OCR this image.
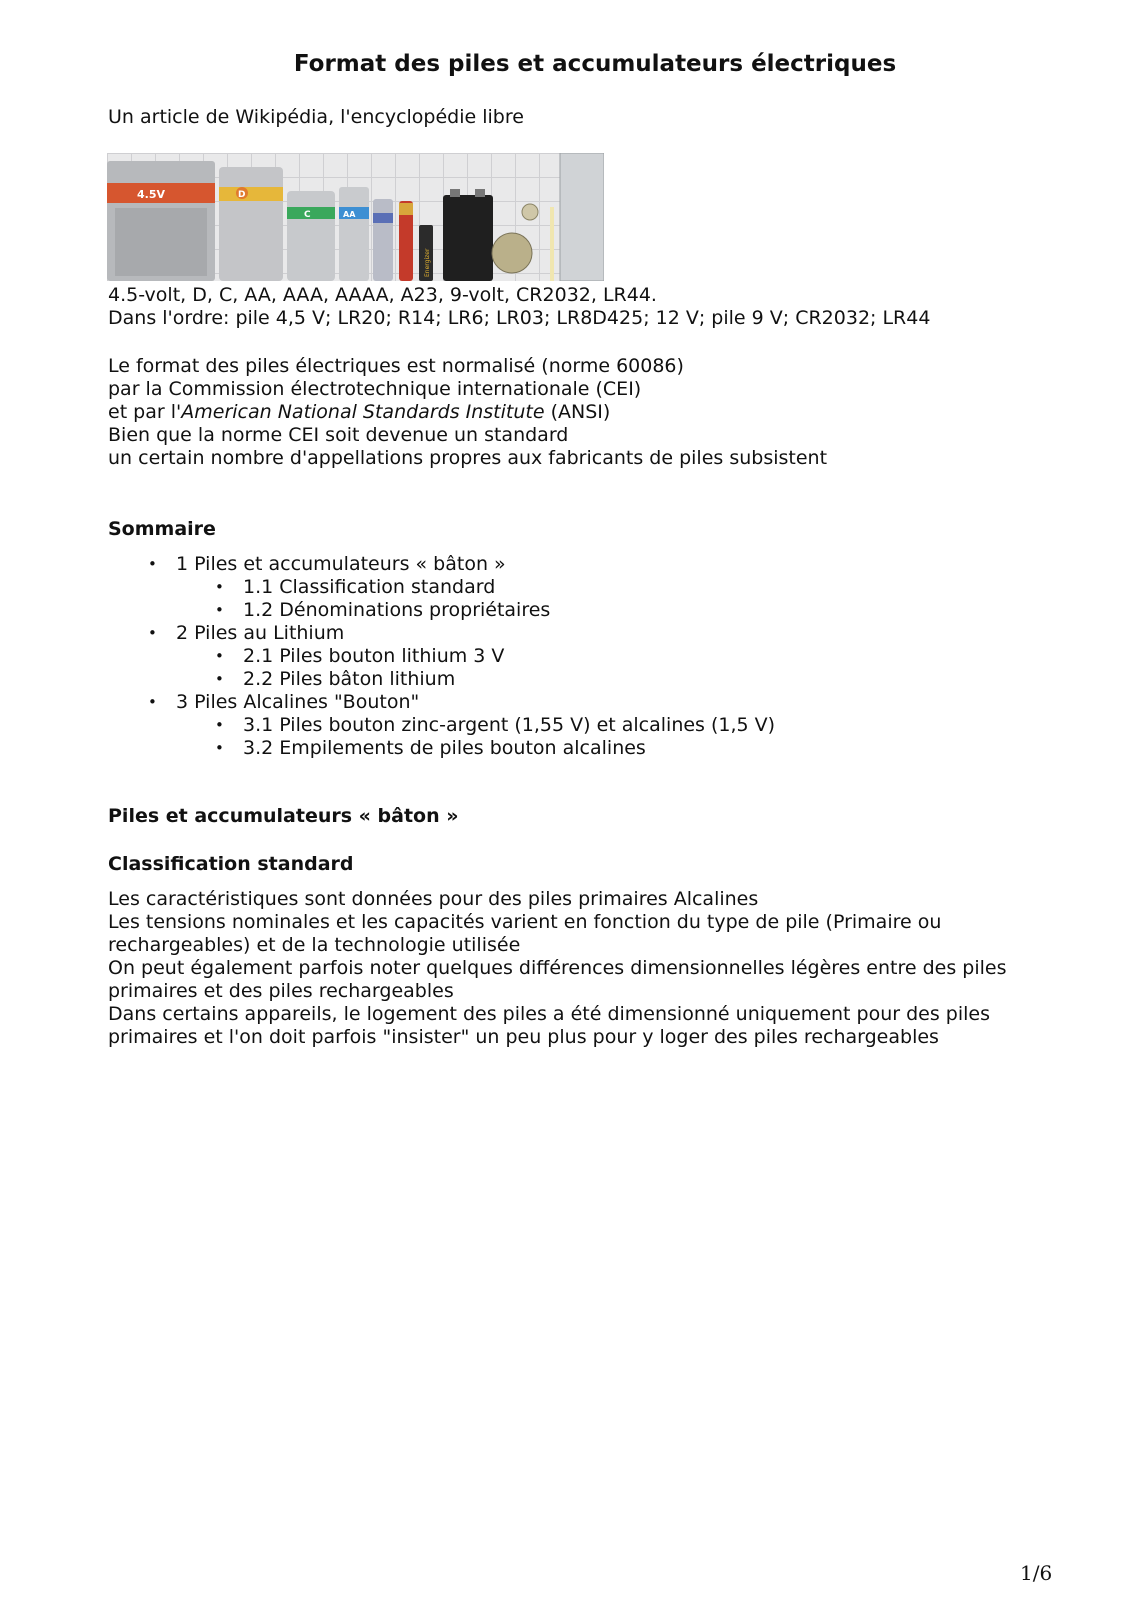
Format des piles et accumulateurs électriques

Un article de Wikipédia, l'encyclopédie libre

4.5V	D
C	AA
Energizer
4.5-volt, D, C, AA, AAA, AAAA, A23, 9-volt, CR2032, LR44.
Dans l'ordre: pile 4,5 V; LR20; R14; LR6; LR03; LR8D425; 12 V; pile 9 V; CR2032; LR44

Le format des piles électriques est normalisé (norme 60086)

par la Commission électrotechnique internationale (CEI)

et par l'American National Standards Institute (ANSI)

Bien que la norme CEI soit devenue un standard

un certain nombre d'appellations propres aux fabricants de piles subsistent

Sommaire
• 1 Piles et accumulateurs « bâton »
• 1.1 Classification standard
• 1.2 Dénominations propriétaires
• 2 Piles au Lithium
• 2.1 Piles bouton lithium 3 V
• 2.2 Piles bâton lithium
• 3 Piles Alcalines "Bouton"
• 3.1 Piles bouton zinc-argent (1,55 V) et alcalines (1,5 V)
• 3.2 Empilements de piles bouton alcalines
Piles et accumulateurs « bâton »
Classification standard

Les caractéristiques sont données pour des piles primaires Alcalines

Les tensions nominales et les capacités varient en fonction du type de pile (Primaire ou rechargeables) et de la technologie utilisée

On peut également parfois noter quelques différences dimensionnelles légères entre des piles primaires et des piles rechargeables

Dans certains appareils, le logement des piles a été dimensionné uniquement pour des piles primaires et l'on doit parfois "insister" un peu plus pour y loger des piles rechargeables

1/6
